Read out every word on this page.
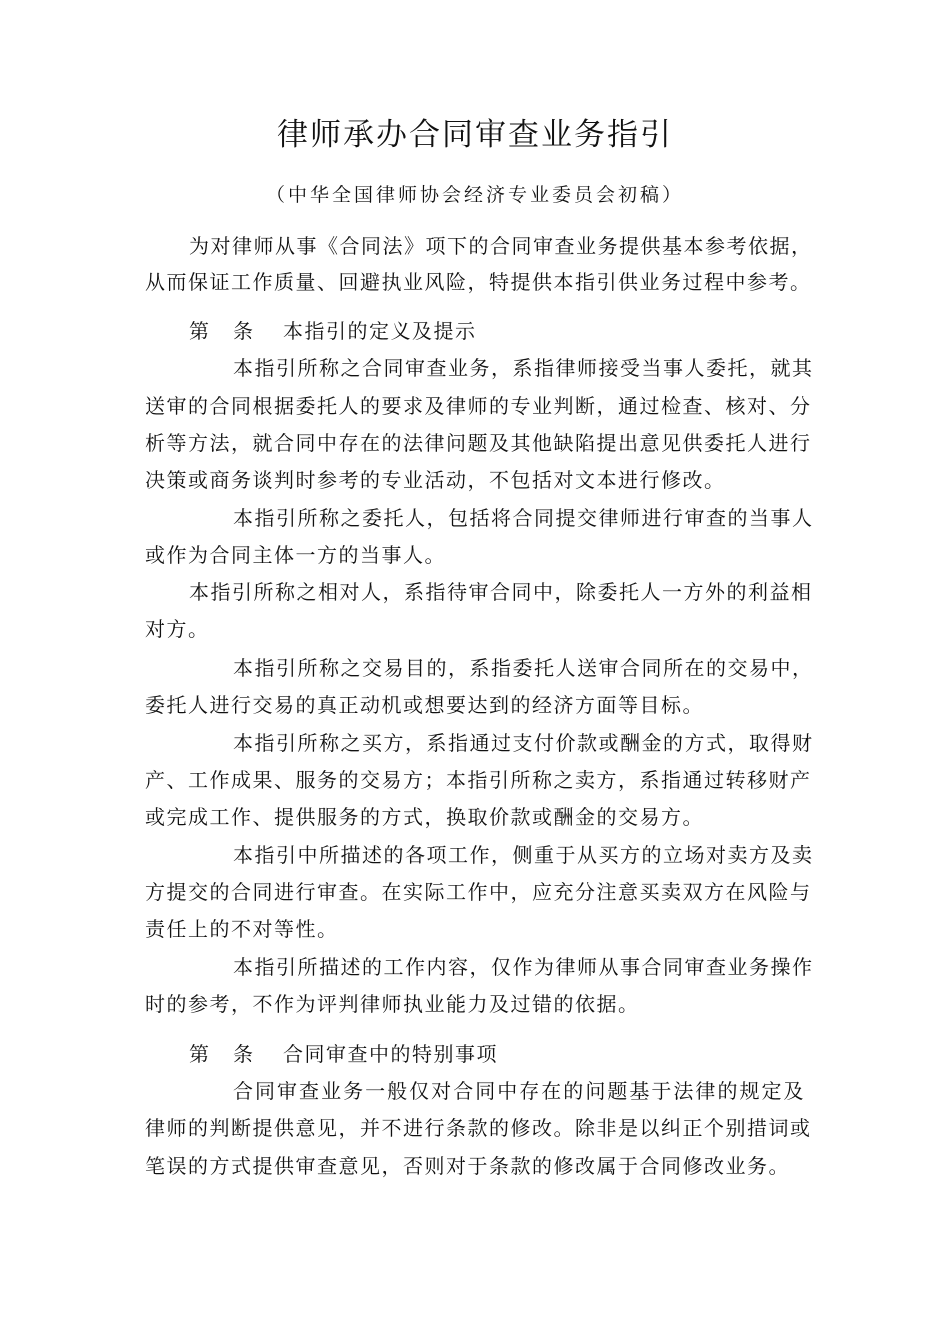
律师承办合同审查业务指引
（中华全国律师协会经济专业委员会初稿）
为对律师从事《合同法》项下的合同审查业务提供基本参考依据，
从而保证工作质量、回避执业风险，特提供本指引供业务过程中参考。
第 条 本指引的定义及提示
本指引所称之合同审查业务，系指律师接受当事人委托，就其
送审的合同根据委托人的要求及律师的专业判断，通过检查、核对、分
析等方法，就合同中存在的法律问题及其他缺陷提出意见供委托人进行
决策或商务谈判时参考的专业活动，不包括对文本进行修改。
本指引所称之委托人，包括将合同提交律师进行审查的当事人
或作为合同主体一方的当事人。
本指引所称之相对人，系指待审合同中，除委托人一方外的利益相
对方。
本指引所称之交易目的，系指委托人送审合同所在的交易中，
委托人进行交易的真正动机或想要达到的经济方面等目标。
本指引所称之买方，系指通过支付价款或酬金的方式，取得财
产、工作成果、服务的交易方；本指引所称之卖方，系指通过转移财产
或完成工作、提供服务的方式，换取价款或酬金的交易方。
本指引中所描述的各项工作，侧重于从买方的立场对卖方及卖
方提交的合同进行审查。在实际工作中，应充分注意买卖双方在风险与
责任上的不对等性。
本指引所描述的工作内容，仅作为律师从事合同审查业务操作
时的参考，不作为评判律师执业能力及过错的依据。
第 条 合同审查中的特别事项
合同审查业务一般仅对合同中存在的问题基于法律的规定及
律师的判断提供意见，并不进行条款的修改。除非是以纠正个别措词或
笔误的方式提供审查意见，否则对于条款的修改属于合同修改业务。
